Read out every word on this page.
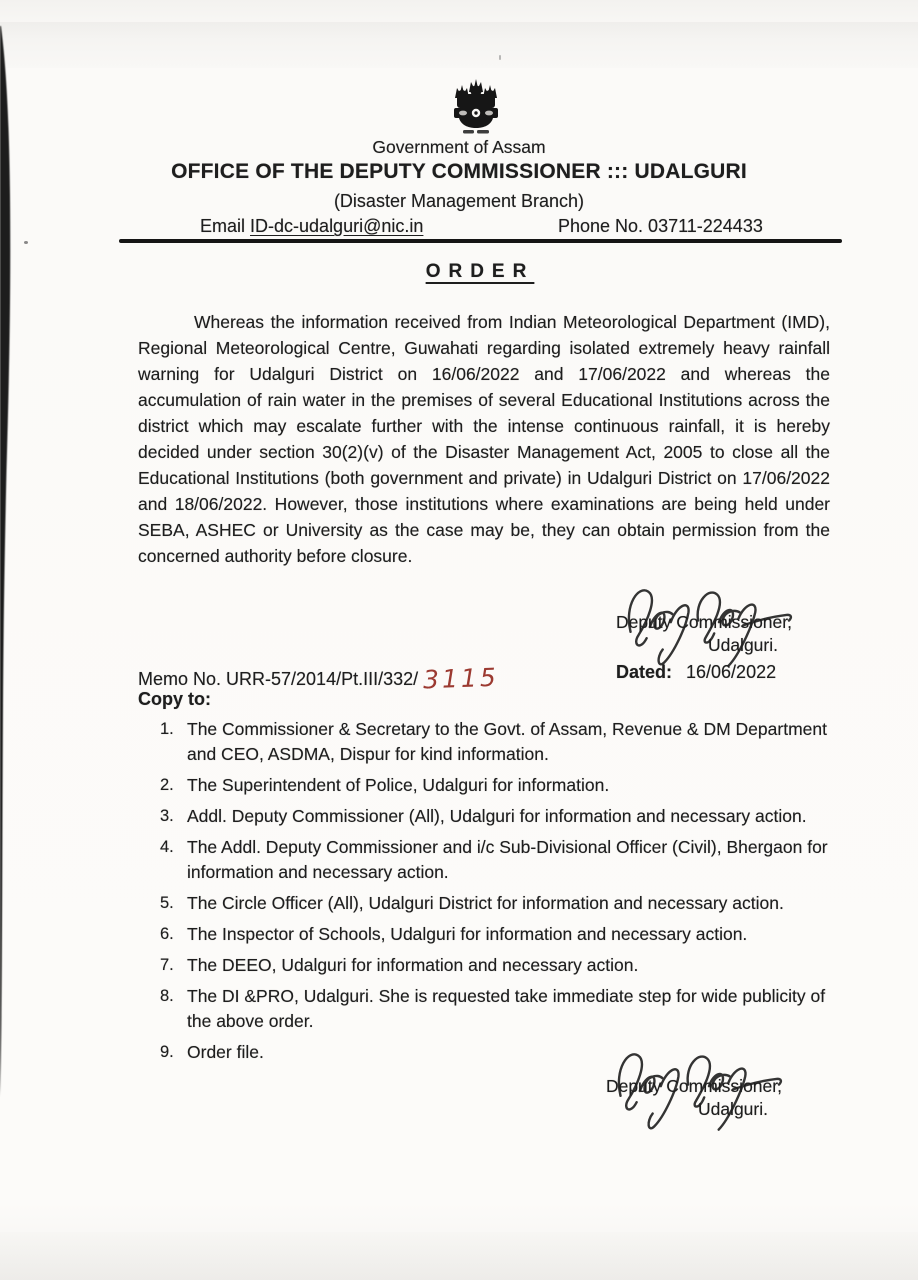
Government of Assam
OFFICE OF THE DEPUTY COMMISSIONER ::: UDALGURI
(Disaster Management Branch)
Email ID-dc-udalguri@nic.in	Phone No. 03711-224433
ORDER
Whereas the information received from Indian Meteorological Department (IMD), Regional Meteorological Centre, Guwahati regarding isolated extremely heavy rainfall warning for Udalguri District on 16/06/2022 and 17/06/2022 and whereas the accumulation of rain water in the premises of several Educational Institutions across the district which may escalate further with the intense continuous rainfall, it is hereby decided under section 30(2)(v) of the Disaster Management Act, 2005 to close all the Educational Institutions (both government and private) in Udalguri District on 17/06/2022 and 18/06/2022. However, those institutions where examinations are being held under SEBA, ASHEC or University as the case may be, they can obtain permission from the concerned authority before closure.
Deputy Commissioner,
Udalguri.
Memo No. URR-57/2014/Pt.III/332/ 3115	Dated: 16/06/2022
Copy to:
1. The Commissioner & Secretary to the Govt. of Assam, Revenue & DM Department and CEO, ASDMA, Dispur for kind information.
2. The Superintendent of Police, Udalguri for information.
3. Addl. Deputy Commissioner (All), Udalguri for information and necessary action.
4. The Addl. Deputy Commissioner and i/c Sub-Divisional Officer (Civil), Bhergaon for information and necessary action.
5. The Circle Officer (All), Udalguri District for information and necessary action.
6. The Inspector of Schools, Udalguri for information and necessary action.
7. The DEEO, Udalguri for information and necessary action.
8. The DI &PRO, Udalguri. She is requested take immediate step for wide publicity of the above order.
9. Order file.
Deputy Commissioner,
Udalguri.
